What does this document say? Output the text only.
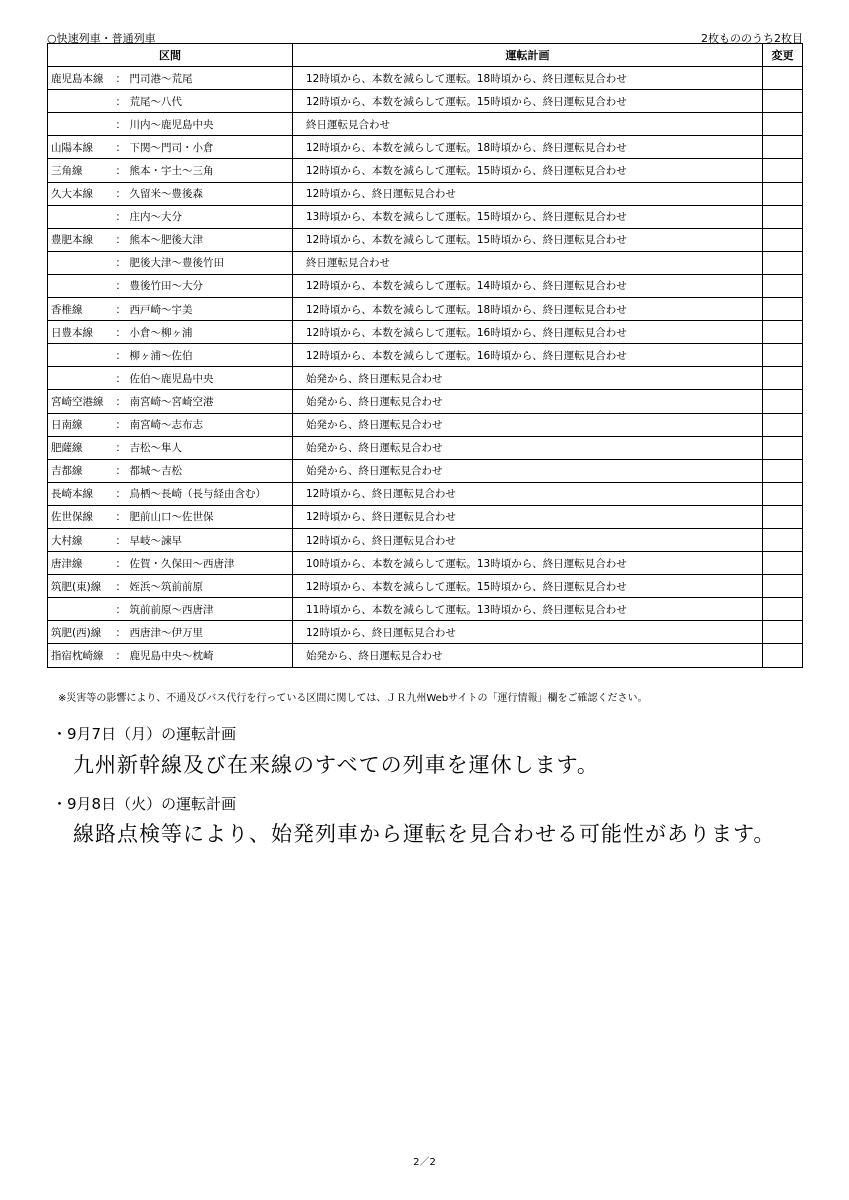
○快速列車・普通列車	2枚もののうち2枚目
区間		運転計画	変更
鹿児島本線	： 門司港～荒尾	12時頃から、本数を減らして運転。18時頃から、終日運転見合わせ	
	： 荒尾～八代	12時頃から、本数を減らして運転。15時頃から、終日運転見合わせ	
	： 川内～鹿児島中央	終日運転見合わせ	
山陽本線	： 下関～門司・小倉	12時頃から、本数を減らして運転。18時頃から、終日運転見合わせ	
三角線	： 熊本・宇土～三角	12時頃から、本数を減らして運転。15時頃から、終日運転見合わせ	
久大本線	： 久留米～豊後森	12時頃から、終日運転見合わせ	
	： 庄内～大分	13時頃から、本数を減らして運転。15時頃から、終日運転見合わせ	
豊肥本線	： 熊本～肥後大津	12時頃から、本数を減らして運転。15時頃から、終日運転見合わせ	
	： 肥後大津～豊後竹田	終日運転見合わせ	
	： 豊後竹田～大分	12時頃から、本数を減らして運転。14時頃から、終日運転見合わせ	
香椎線	： 西戸崎～宇美	12時頃から、本数を減らして運転。18時頃から、終日運転見合わせ	
日豊本線	： 小倉～柳ヶ浦	12時頃から、本数を減らして運転。16時頃から、終日運転見合わせ	
	： 柳ヶ浦～佐伯	12時頃から、本数を減らして運転。16時頃から、終日運転見合わせ	
	： 佐伯～鹿児島中央	始発から、終日運転見合わせ	
宮崎空港線	： 南宮崎～宮崎空港	始発から、終日運転見合わせ	
日南線	： 南宮崎～志布志	始発から、終日運転見合わせ	
肥薩線	： 吉松～隼人	始発から、終日運転見合わせ	
吉都線	： 都城～吉松	始発から、終日運転見合わせ	
長崎本線	： 鳥栖～長崎（長与経由含む）	12時頃から、終日運転見合わせ	
佐世保線	： 肥前山口～佐世保	12時頃から、終日運転見合わせ	
大村線	： 早岐～諫早	12時頃から、終日運転見合わせ	
唐津線	： 佐賀・久保田～西唐津	10時頃から、本数を減らして運転。13時頃から、終日運転見合わせ	
筑肥(東)線	： 姪浜～筑前前原	12時頃から、本数を減らして運転。15時頃から、終日運転見合わせ	
	： 筑前前原～西唐津	11時頃から、本数を減らして運転。13時頃から、終日運転見合わせ	
筑肥(西)線	： 西唐津～伊万里	12時頃から、終日運転見合わせ	
指宿枕崎線	： 鹿児島中央～枕崎	始発から、終日運転見合わせ	
※災害等の影響により、不通及びバス代行を行っている区間に関しては、ＪＲ九州Webサイトの「運行情報」欄をご確認ください。
・9月7日（月）の運転計画
九州新幹線及び在来線のすべての列車を運休します。
・9月8日（火）の運転計画
線路点検等により、始発列車から運転を見合わせる可能性があります。
2／2
